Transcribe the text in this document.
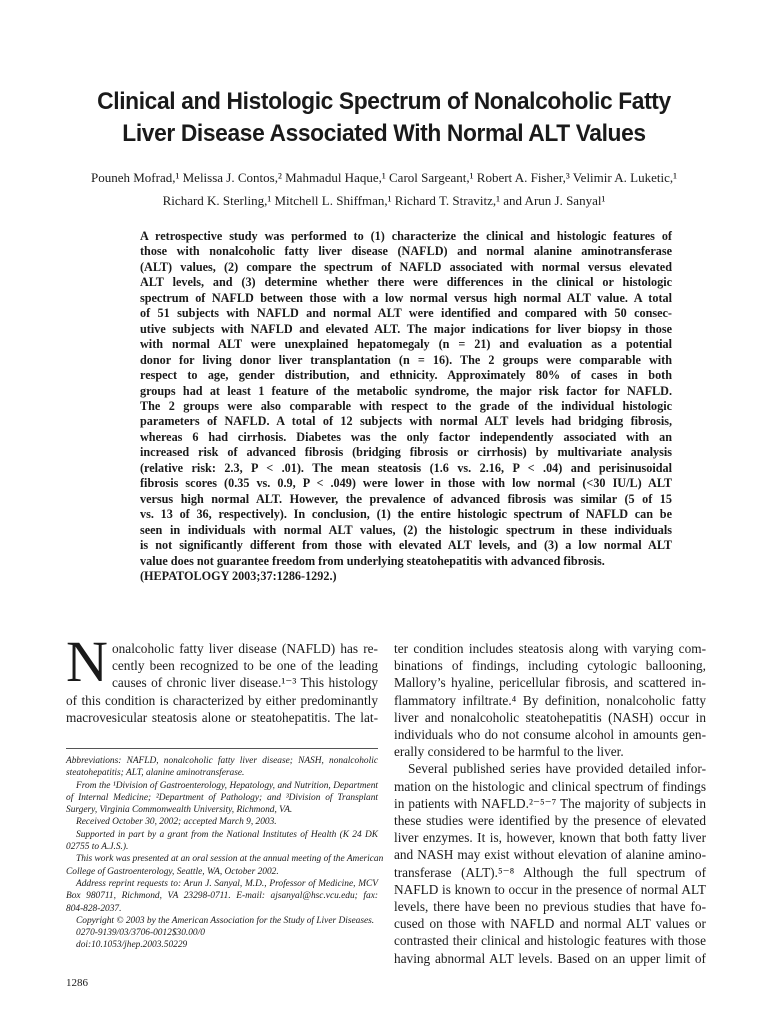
Clinical and Histologic Spectrum of Nonalcoholic Fatty
Liver Disease Associated With Normal ALT Values
Pouneh Mofrad,¹ Melissa J. Contos,² Mahmadul Haque,¹ Carol Sargeant,¹ Robert A. Fisher,³ Velimir A. Luketic,¹
Richard K. Sterling,¹ Mitchell L. Shiffman,¹ Richard T. Stravitz,¹ and Arun J. Sanyal¹
A retrospective study was performed to (1) characterize the clinical and histologic features of
those with nonalcoholic fatty liver disease (NAFLD) and normal alanine aminotransferase
(ALT) values, (2) compare the spectrum of NAFLD associated with normal versus elevated
ALT levels, and (3) determine whether there were differences in the clinical or histologic
spectrum of NAFLD between those with a low normal versus high normal ALT value. A total
of 51 subjects with NAFLD and normal ALT were identified and compared with 50 consec-
utive subjects with NAFLD and elevated ALT. The major indications for liver biopsy in those
with normal ALT were unexplained hepatomegaly (n = 21) and evaluation as a potential
donor for living donor liver transplantation (n = 16). The 2 groups were comparable with
respect to age, gender distribution, and ethnicity. Approximately 80% of cases in both
groups had at least 1 feature of the metabolic syndrome, the major risk factor for NAFLD.
The 2 groups were also comparable with respect to the grade of the individual histologic
parameters of NAFLD. A total of 12 subjects with normal ALT levels had bridging fibrosis,
whereas 6 had cirrhosis. Diabetes was the only factor independently associated with an
increased risk of advanced fibrosis (bridging fibrosis or cirrhosis) by multivariate analysis
(relative risk: 2.3, P < .01). The mean steatosis (1.6 vs. 2.16, P < .04) and perisinusoidal
fibrosis scores (0.35 vs. 0.9, P < .049) were lower in those with low normal (<30 IU/L) ALT
versus high normal ALT. However, the prevalence of advanced fibrosis was similar (5 of 15
vs. 13 of 36, respectively). In conclusion, (1) the entire histologic spectrum of NAFLD can be
seen in individuals with normal ALT values, (2) the histologic spectrum in these individuals
is not significantly different from those with elevated ALT levels, and (3) a low normal ALT
value does not guarantee freedom from underlying steatohepatitis with advanced fibrosis.
(HEPATOLOGY 2003;37:1286-1292.)
N onalcoholic fatty liver disease (NAFLD) has re-
cently been recognized to be one of the leading
causes of chronic liver disease.¹⁻³ This histology
of this condition is characterized by either predominantly
macrovesicular steatosis alone or steatohepatitis. The lat-
Abbreviations: NAFLD, nonalcoholic fatty liver disease; NASH, nonalcoholic
steatohepatitis; ALT, alanine aminotransferase.
From the ¹Division of Gastroenterology, Hepatology, and Nutrition, Department
of Internal Medicine; ²Department of Pathology; and ³Division of Transplant
Surgery, Virginia Commonwealth University, Richmond, VA.
Received October 30, 2002; accepted March 9, 2003.
Supported in part by a grant from the National Institutes of Health (K 24 DK
02755 to A.J.S.).
This work was presented at an oral session at the annual meeting of the American
College of Gastroenterology, Seattle, WA, October 2002.
Address reprint requests to: Arun J. Sanyal, M.D., Professor of Medicine, MCV
Box 980711, Richmond, VA 23298-0711. E-mail: ajsanyal@hsc.vcu.edu; fax:
804-828-2037.
Copyright © 2003 by the American Association for the Study of Liver Diseases.
0270-9139/03/3706-0012$30.00/0
doi:10.1053/jhep.2003.50229
ter condition includes steatosis along with varying com-
binations of findings, including cytologic ballooning,
Mallory’s hyaline, pericellular fibrosis, and scattered in-
flammatory infiltrate.⁴ By definition, nonalcoholic fatty
liver and nonalcoholic steatohepatitis (NASH) occur in
individuals who do not consume alcohol in amounts gen-
erally considered to be harmful to the liver.
Several published series have provided detailed infor-
mation on the histologic and clinical spectrum of findings
in patients with NAFLD.²⁻⁵⁻⁷ The majority of subjects in
these studies were identified by the presence of elevated
liver enzymes. It is, however, known that both fatty liver
and NASH may exist without elevation of alanine amino-
transferase (ALT).⁵⁻⁸ Although the full spectrum of
NAFLD is known to occur in the presence of normal ALT
levels, there have been no previous studies that have fo-
cused on those with NAFLD and normal ALT values or
contrasted their clinical and histologic features with those
having abnormal ALT levels. Based on an upper limit of
1286
